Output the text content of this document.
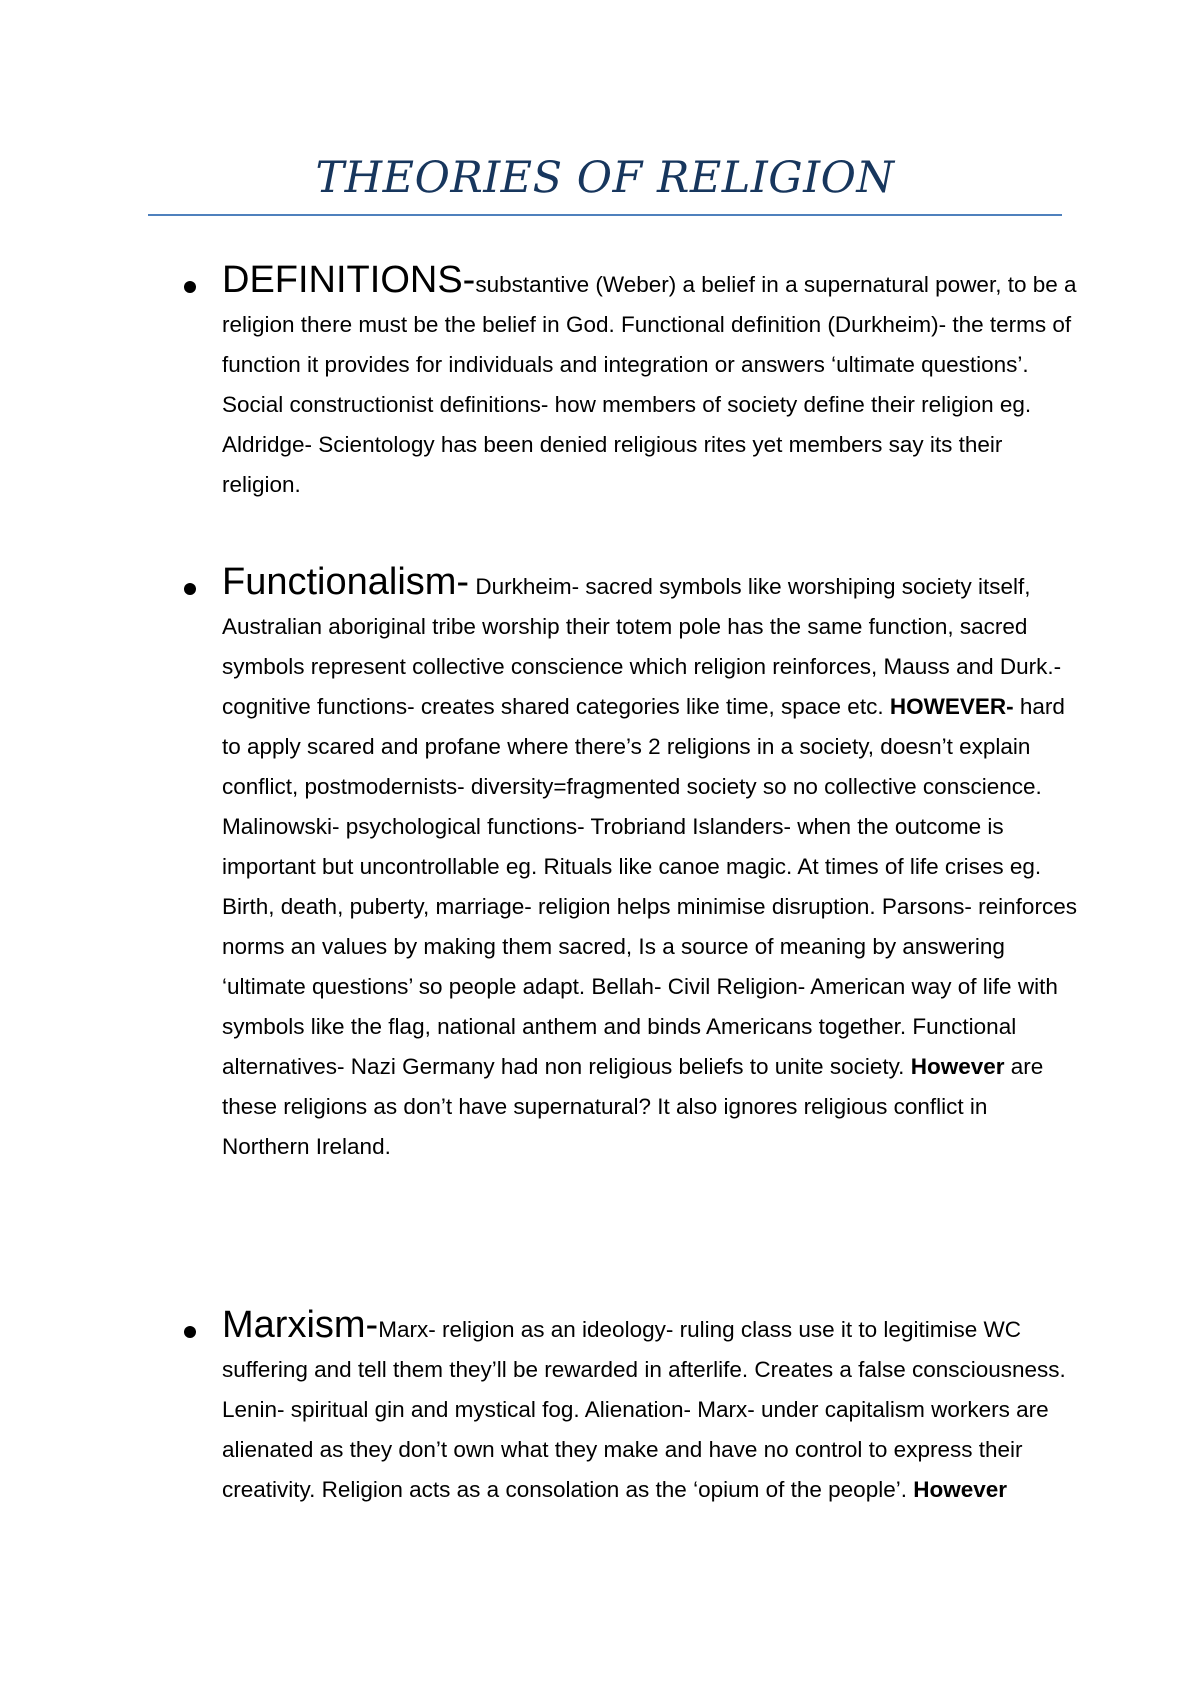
THEORIES OF RELIGION

DEFINITIONS-substantive (Weber) a belief in a supernatural power, to be a religion there must be the belief in God. Functional definition (Durkheim)- the terms of function it provides for individuals and integration or answers ‘ultimate questions’. Social constructionist definitions- how members of society define their religion eg. Aldridge- Scientology has been denied religious rites yet members say its their religion.

Functionalism- Durkheim- sacred symbols like worshiping society itself, Australian aboriginal tribe worship their totem pole has the same function, sacred symbols represent collective conscience which religion reinforces, Mauss and Durk.- cognitive functions- creates shared categories like time, space etc. HOWEVER- hard to apply scared and profane where there’s 2 religions in a society, doesn’t explain conflict, postmodernists- diversity=fragmented society so no collective conscience.

Malinowski- psychological functions- Trobriand Islanders- when the outcome is important but uncontrollable eg. Rituals like canoe magic. At times of life crises eg. Birth, death, puberty, marriage- religion helps minimise disruption. Parsons- reinforces norms an values by making them sacred, Is a source of meaning by answering ‘ultimate questions’ so people adapt. Bellah- Civil Religion- American way of life with symbols like the flag, national anthem and binds Americans together. Functional alternatives- Nazi Germany had non religious beliefs to unite society. However are these religions as don’t have supernatural? It also ignores religious conflict in Northern Ireland.

Marxism-Marx- religion as an ideology- ruling class use it to legitimise WC suffering and tell them they’ll be rewarded in afterlife. Creates a false consciousness. Lenin- spiritual gin and mystical fog. Alienation- Marx- under capitalism workers are alienated as they don’t own what they make and have no control to express their creativity. Religion acts as a consolation as the ‘opium of the people’. However
